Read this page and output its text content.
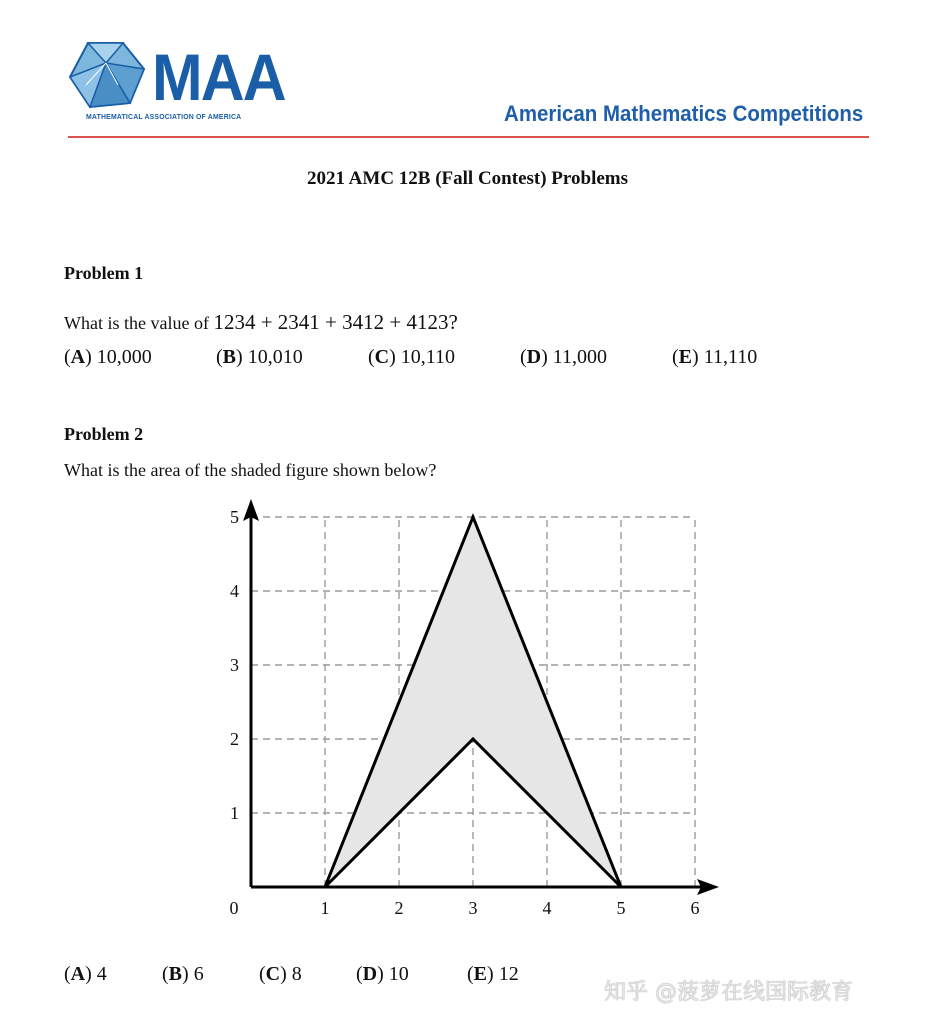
MAA
MATHEMATICAL ASSOCIATION OF AMERICA	American Mathematics Competitions
2021 AMC 12B (Fall Contest) Problems
Problem 1
What is the value of 1234 + 2341 + 3412 + 4123?
(A) 10,000	(B) 10,010	(C) 10,110	(D) 11,000	(E) 11,110
Problem 2
What is the area of the shaded figure shown below?
0	1	2	3	4	5	6
1
2
3
4
5
(A) 4	(B) 6	(C) 8	(D) 10	(E) 12
知乎 @菠萝在线国际教育
